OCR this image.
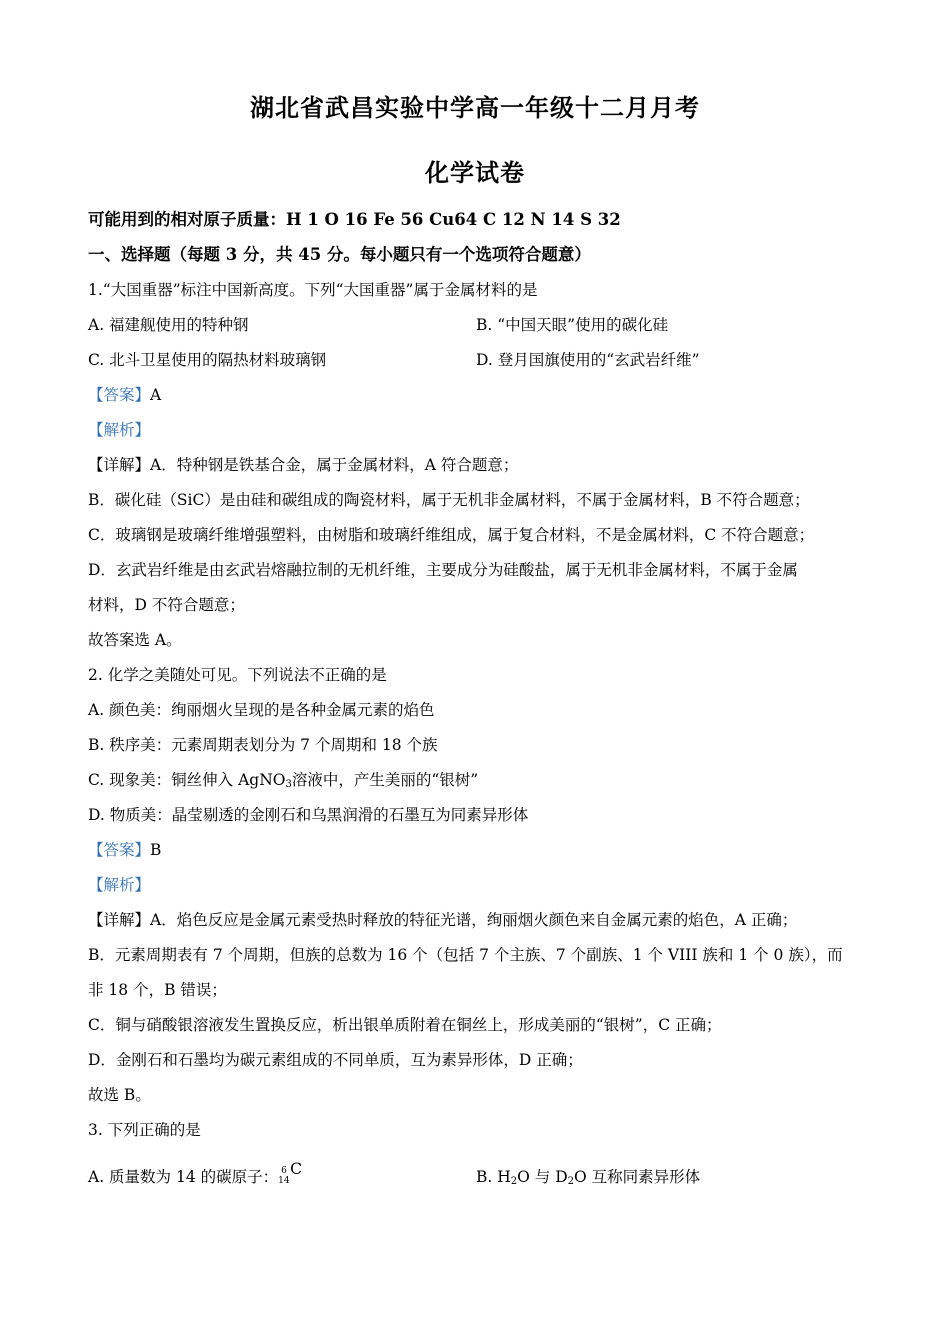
湖北省武昌实验中学高一年级十二月月考
化学试卷
可能用到的相对原子质量：H 1 O 16 Fe 56 Cu64 C 12 N 14 S 32
一、选择题（每题 3 分，共 45 分。每小题只有一个选项符合题意）
1.“大国重器”标注中国新高度。下列“大国重器”属于金属材料的是
A. 福建舰使用的特种钢	B. “中国天眼”使用的碳化硅
C. 北斗卫星使用的隔热材料玻璃钢	D. 登月国旗使用的“玄武岩纤维”
【答案】A
【解析】
【详解】A．特种钢是铁基合金，属于金属材料，A 符合题意；
B．碳化硅（SiC）是由硅和碳组成的陶瓷材料，属于无机非金属材料，不属于金属材料，B 不符合题意；
C．玻璃钢是玻璃纤维增强塑料，由树脂和玻璃纤维组成，属于复合材料，不是金属材料，C 不符合题意；
D．玄武岩纤维是由玄武岩熔融拉制的无机纤维，主要成分为硅酸盐，属于无机非金属材料，不属于金属
材料，D 不符合题意；
故答案选 A。
2. 化学之美随处可见。下列说法不正确的是
A. 颜色美：绚丽烟火呈现的是各种金属元素的焰色
B. 秩序美：元素周期表划分为 7 个周期和 18 个族
C. 现象美：铜丝伸入 AgNO$_3$溶液中，产生美丽的“银树”
D. 物质美：晶莹剔透的金刚石和乌黑润滑的石墨互为同素异形体
【答案】B
【解析】
【详解】A．焰色反应是金属元素受热时释放的特征光谱，绚丽烟火颜色来自金属元素的焰色，A 正确；
B．元素周期表有 7 个周期，但族的总数为 16 个（包括 7 个主族、7 个副族、1 个 VIII 族和 1 个 0 族），而
非 18 个，B 错误；
C．铜与硝酸银溶液发生置换反应，析出银单质附着在铜丝上，形成美丽的“银树”，C 正确；
D．金刚石和石墨均为碳元素组成的不同单质，互为素异形体，D 正确；
故选 B。
3. 下列正确的是
A. 质量数为 14 的碳原子： 6
14
C	B. $H_2O$ 与 $D_2O$ 互称同素异形体
